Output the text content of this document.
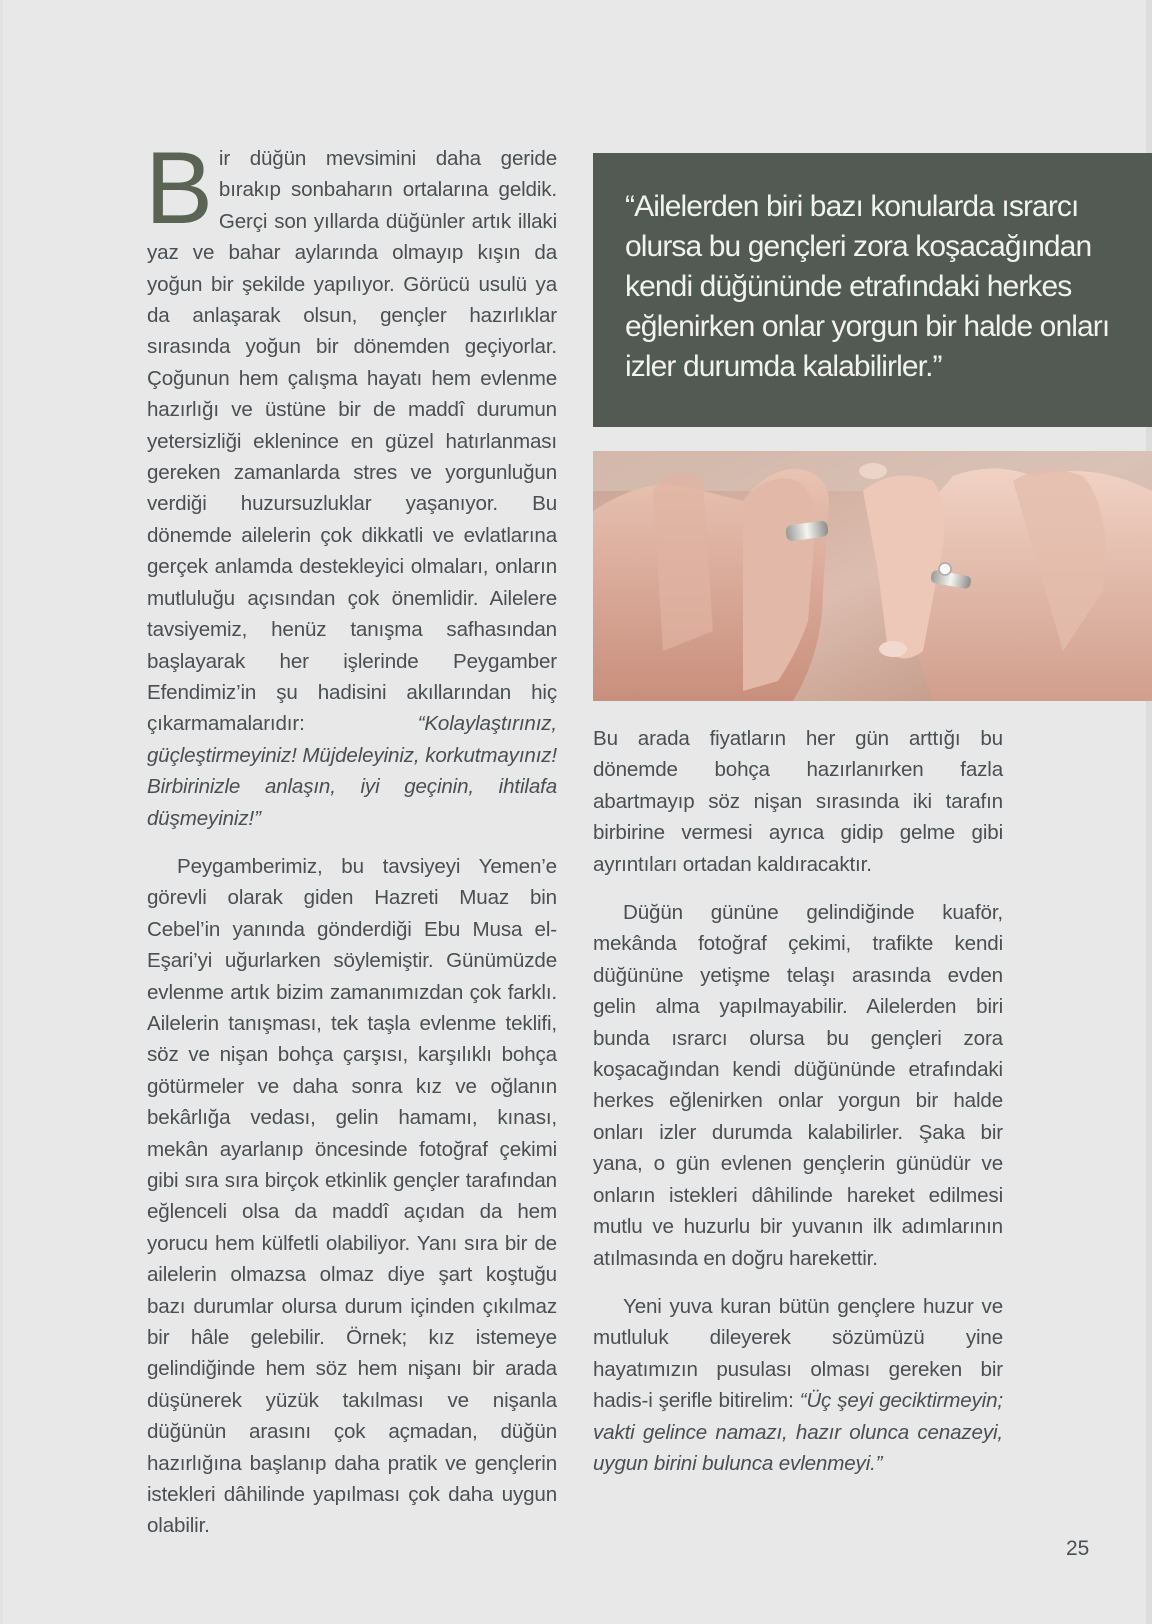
Bir düğün mevsimini daha geride bırakıp sonbaharın ortalarına geldik. Gerçi son yıllarda düğünler artık illaki yaz ve bahar aylarında olmayıp kışın da yoğun bir şekilde yapılıyor. Görücü usulü ya da anlaşarak olsun, gençler hazırlıklar sırasında yoğun bir dönemden geçiyorlar. Çoğunun hem çalışma hayatı hem evlenme hazırlığı ve üstüne bir de maddî durumun yetersizliği eklenince en güzel hatırlanması gereken zamanlarda stres ve yorgunluğun verdiği huzursuzluklar yaşanıyor. Bu dönemde ailelerin çok dikkatli ve evlatlarına gerçek anlamda destekleyici olmaları, onların mutluluğu açısından çok önemlidir. Ailelere tavsiyemiz, henüz tanışma safhasından başlayarak her işlerinde Peygamber Efendimiz’in şu hadisini akıllarından hiç çıkarmamalarıdır: “Kolaylaştırınız, güçleştirmeyiniz! Müjdeleyiniz, korkutmayınız! Birbirinizle anlaşın, iyi geçinin, ihtilafa düşmeyiniz!”

Peygamberimiz, bu tavsiyeyi Yemen’e görevli olarak giden Hazreti Muaz bin Cebel’in yanında gönderdiği Ebu Musa el-Eşari’yi uğurlarken söylemiştir. Günümüzde evlenme artık bizim zamanımızdan çok farklı. Ailelerin tanışması, tek taşla evlenme teklifi, söz ve nişan bohça çarşısı, karşılıklı bohça götürmeler ve daha sonra kız ve oğlanın bekârlığa vedası, gelin hamamı, kınası, mekân ayarlanıp öncesinde fotoğraf çekimi gibi sıra sıra birçok etkinlik gençler tarafından eğlenceli olsa da maddî açıdan da hem yorucu hem külfetli olabiliyor. Yanı sıra bir de ailelerin olmazsa olmaz diye şart koştuğu bazı durumlar olursa durum içinden çıkılmaz bir hâle gelebilir. Örnek; kız istemeye gelindiğinde hem söz hem nişanı bir arada düşünerek yüzük takılması ve nişanla düğünün arasını çok açmadan, düğün hazırlığına başlanıp daha pratik ve gençlerin istekleri dâhilinde yapılması çok daha uygun olabilir.

“Ailelerden biri bazı konularda ısrarcı olursa bu gençleri zora koşacağından kendi düğününde etrafındaki herkes eğlenirken onlar yorgun bir halde onları izler durumda kalabilirler.”

Bu arada fiyatların her gün arttığı bu dönemde bohça hazırlanırken fazla abartmayıp söz nişan sırasında iki tarafın birbirine vermesi ayrıca gidip gelme gibi ayrıntıları ortadan kaldıracaktır.

Düğün gününe gelindiğinde kuaför, mekânda fotoğraf çekimi, trafikte kendi düğününe yetişme telaşı arasında evden gelin alma yapılmayabilir. Ailelerden biri bunda ısrarcı olursa bu gençleri zora koşacağından kendi düğününde etrafındaki herkes eğlenirken onlar yorgun bir halde onları izler durumda kalabilirler. Şaka bir yana, o gün evlenen gençlerin günüdür ve onların istekleri dâhilinde hareket edilmesi mutlu ve huzurlu bir yuvanın ilk adımlarının atılmasında en doğru harekettir.

Yeni yuva kuran bütün gençlere huzur ve mutluluk dileyerek sözümüzü yine hayatımızın pusulası olması gereken bir hadis-i şerifle bitirelim: “Üç şeyi geciktirmeyin; vakti gelince namazı, hazır olunca cenazeyi, uygun birini bulunca evlenmeyi.”

25
